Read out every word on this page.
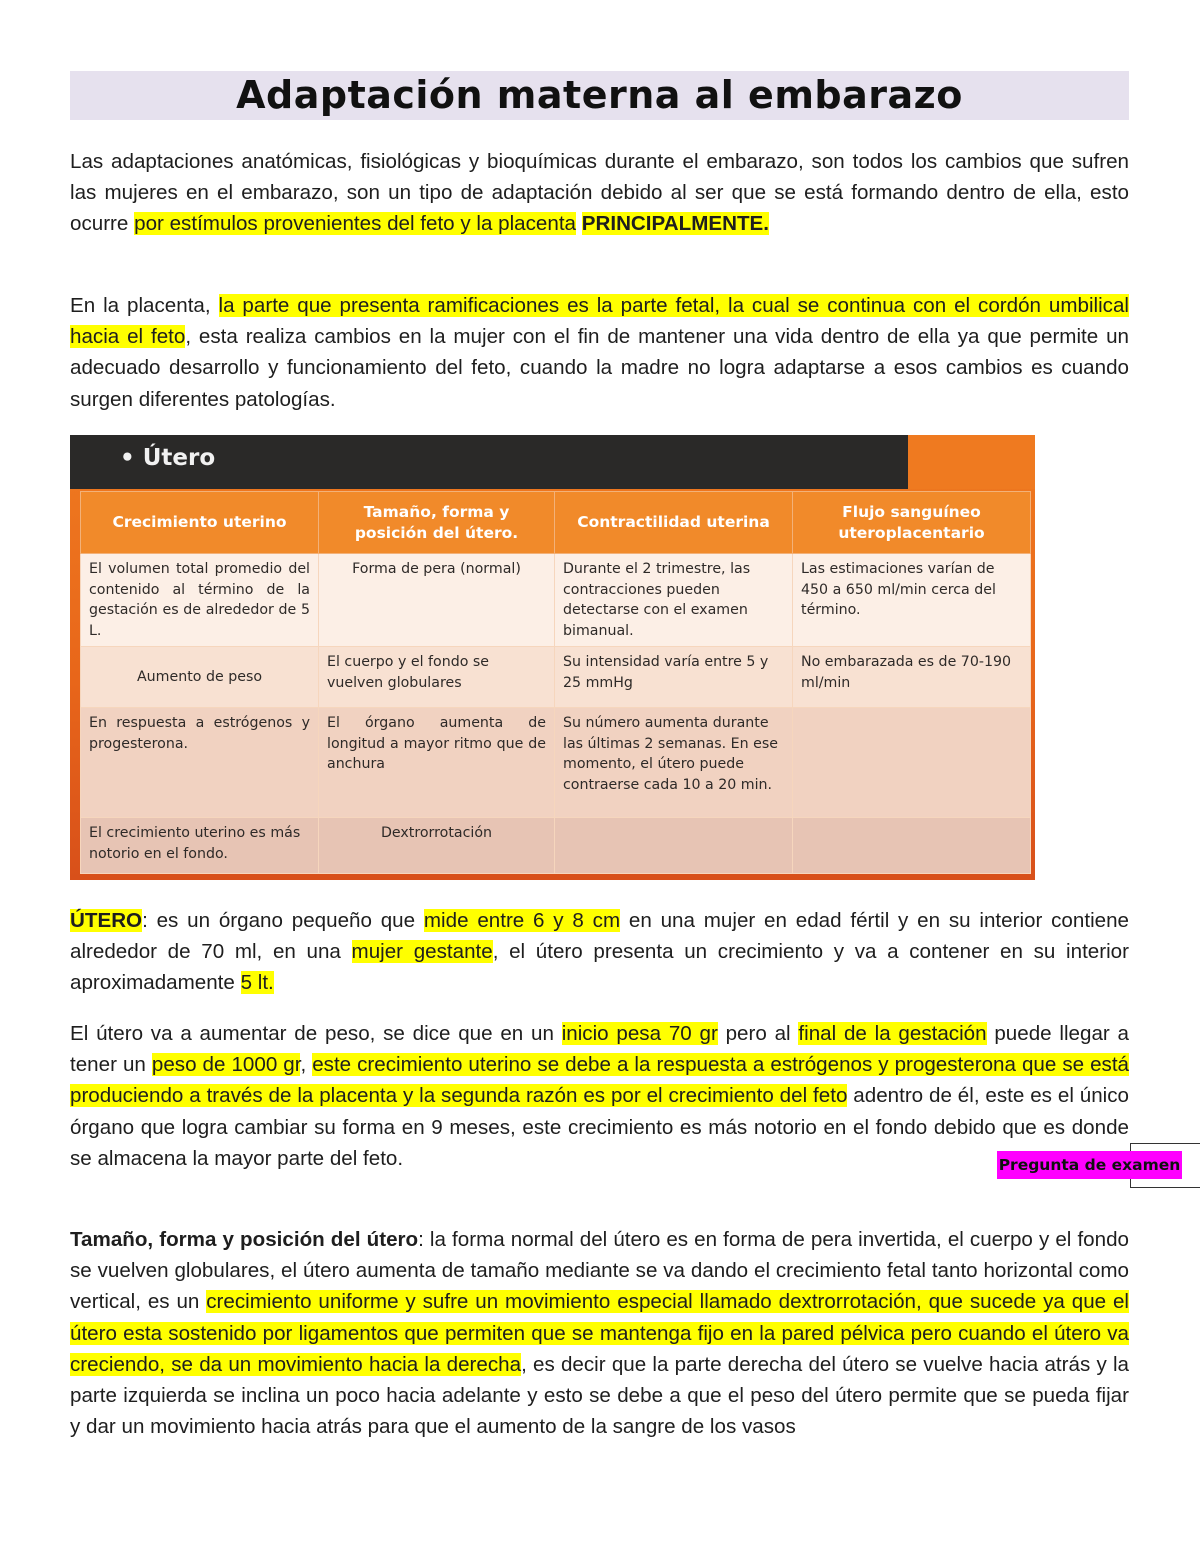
Adaptación materna al embarazo

Las adaptaciones anatómicas, fisiológicas y bioquímicas durante el embarazo, son todos los cambios que sufren las mujeres en el embarazo, son un tipo de adaptación debido al ser que se está formando dentro de ella, esto ocurre por estímulos provenientes del feto y la placenta PRINCIPALMENTE.

En la placenta, la parte que presenta ramificaciones es la parte fetal, la cual se continua con el cordón umbilical hacia el feto, esta realiza cambios en la mujer con el fin de mantener una vida dentro de ella ya que permite un adecuado desarrollo y funcionamiento del feto, cuando la madre no logra adaptarse a esos cambios es cuando surgen diferentes patologías.

• Útero
Crecimiento uterino	Tamaño, forma y posición del útero.	Contractilidad uterina	Flujo sanguíneo uteroplacentario
El volumen total promedio del contenido al término de la gestación es de alrededor de 5 L.	Forma de pera (normal)	Durante el 2 trimestre, las contracciones pueden detectarse con el examen bimanual.	Las estimaciones varían de 450 a 650 ml/min cerca del término.
Aumento de peso	El cuerpo y el fondo se vuelven globulares	Su intensidad varía entre 5 y 25 mmHg	No embarazada es de 70-190 ml/min
En respuesta a estrógenos y progesterona.	El órgano aumenta de longitud a mayor ritmo que de anchura	Su número aumenta durante las últimas 2 semanas. En ese momento, el útero puede contraerse cada 10 a 20 min.	
El crecimiento uterino es más notorio en el fondo.	Dextrorrotación		

ÚTERO: es un órgano pequeño que mide entre 6 y 8 cm en una mujer en edad fértil y en su interior contiene alrededor de 70 ml, en una mujer gestante, el útero presenta un crecimiento y va a contener en su interior aproximadamente 5 lt.

El útero va a aumentar de peso, se dice que en un inicio pesa 70 gr pero al final de la gestación puede llegar a tener un peso de 1000 gr, este crecimiento uterino se debe a la respuesta a estrógenos y progesterona que se está produciendo a través de la placenta y la segunda razón es por el crecimiento del feto adentro de él, este es el único órgano que logra cambiar su forma en 9 meses, este crecimiento es más notorio en el fondo debido que es donde se almacena la mayor parte del feto.	Pregunta de examen

Tamaño, forma y posición del útero: la forma normal del útero es en forma de pera invertida, el cuerpo y el fondo se vuelven globulares, el útero aumenta de tamaño mediante se va dando el crecimiento fetal tanto horizontal como vertical, es un crecimiento uniforme y sufre un movimiento especial llamado dextrorrotación, que sucede ya que el útero esta sostenido por ligamentos que permiten que se mantenga fijo en la pared pélvica pero cuando el útero va creciendo, se da un movimiento hacia la derecha, es decir que la parte derecha del útero se vuelve hacia atrás y la parte izquierda se inclina un poco hacia adelante y esto se debe a que el peso del útero permite que se pueda fijar y dar un movimiento hacia atrás para que el aumento de la sangre de los vasos
